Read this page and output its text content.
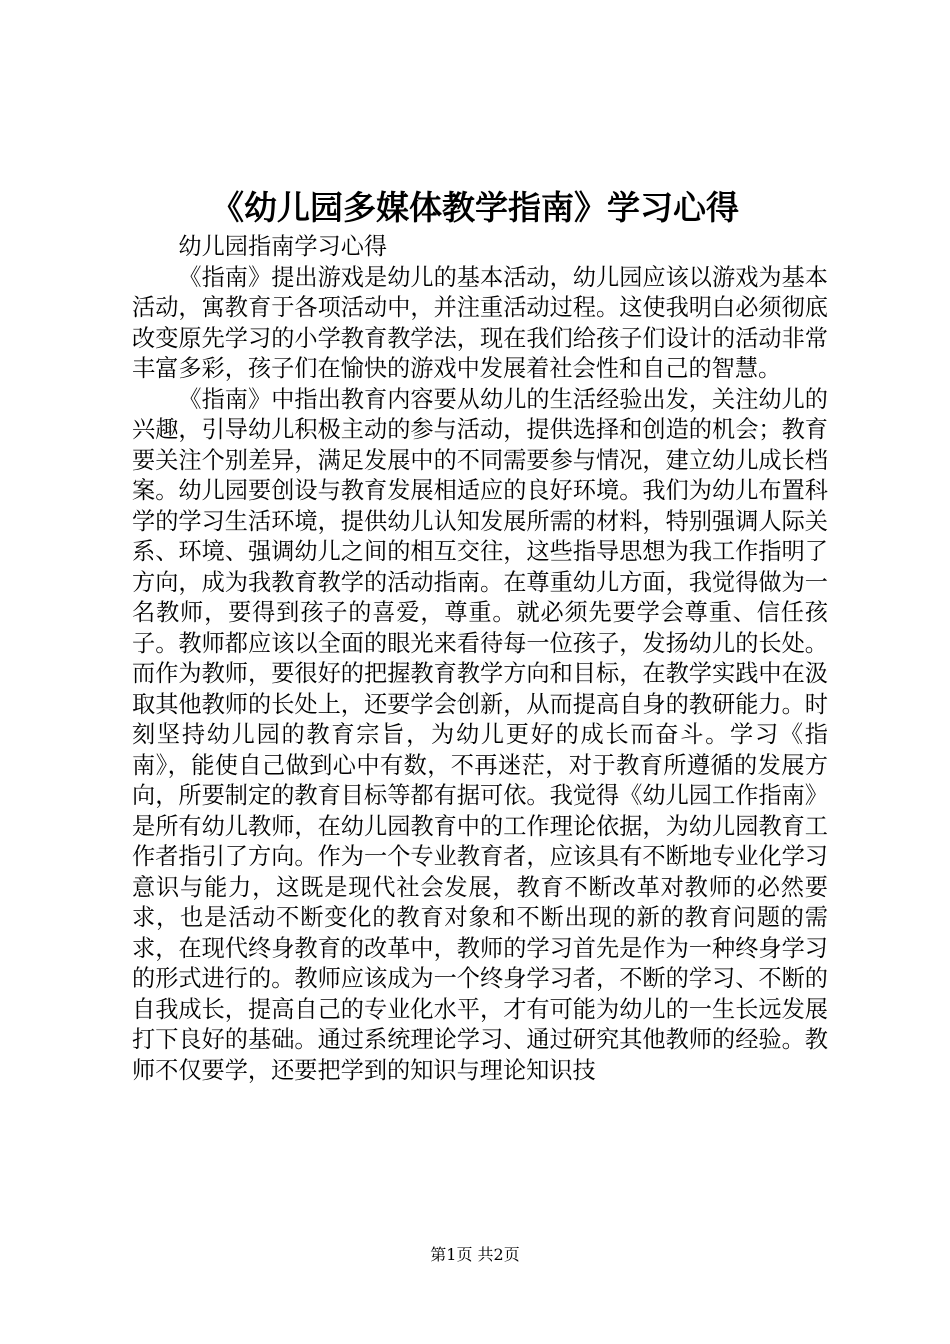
《幼儿园多媒体教学指南》学习心得

幼儿园指南学习心得

《指南》提出游戏是幼儿的基本活动，幼儿园应该以游戏为基本活动，寓教育于各项活动中，并注重活动过程。这使我明白必须彻底改变原先学习的小学教育教学法，现在我们给孩子们设计的活动非常丰富多彩，孩子们在愉快的游戏中发展着社会性和自己的智慧。

《指南》中指出教育内容要从幼儿的生活经验出发，关注幼儿的兴趣，引导幼儿积极主动的参与活动，提供选择和创造的机会；教育要关注个别差异，满足发展中的不同需要参与情况，建立幼儿成长档案。幼儿园要创设与教育发展相适应的良好环境。我们为幼儿布置科学的学习生活环境，提供幼儿认知发展所需的材料，特别强调人际关系、环境、强调幼儿之间的相互交往，这些指导思想为我工作指明了方向，成为我教育教学的活动指南。在尊重幼儿方面，我觉得做为一名教师，要得到孩子的喜爱，尊重。就必须先要学会尊重、信任孩子。教师都应该以全面的眼光来看待每一位孩子，发扬幼儿的长处。而作为教师，要很好的把握教育教学方向和目标，在教学实践中在汲取其他教师的长处上，还要学会创新，从而提高自身的教研能力。时刻坚持幼儿园的教育宗旨，为幼儿更好的成长而奋斗。学习《指南》，能使自己做到心中有数，不再迷茫，对于教育所遵循的发展方向，所要制定的教育目标等都有据可依。我觉得《幼儿园工作指南》是所有幼儿教师，在幼儿园教育中的工作理论依据，为幼儿园教育工作者指引了方向。作为一个专业教育者，应该具有不断地专业化学习意识与能力，这既是现代社会发展，教育不断改革对教师的必然要求，也是活动不断变化的教育对象和不断出现的新的教育问题的需求，在现代终身教育的改革中，教师的学习首先是作为一种终身学习的形式进行的。教师应该成为一个终身学习者，不断的学习、不断的自我成长，提高自己的专业化水平，才有可能为幼儿的一生长远发展打下良好的基础。通过系统理论学习、通过研究其他教师的经验。教师不仅要学，还要把学到的知识与理论知识技

第1页 共2页
